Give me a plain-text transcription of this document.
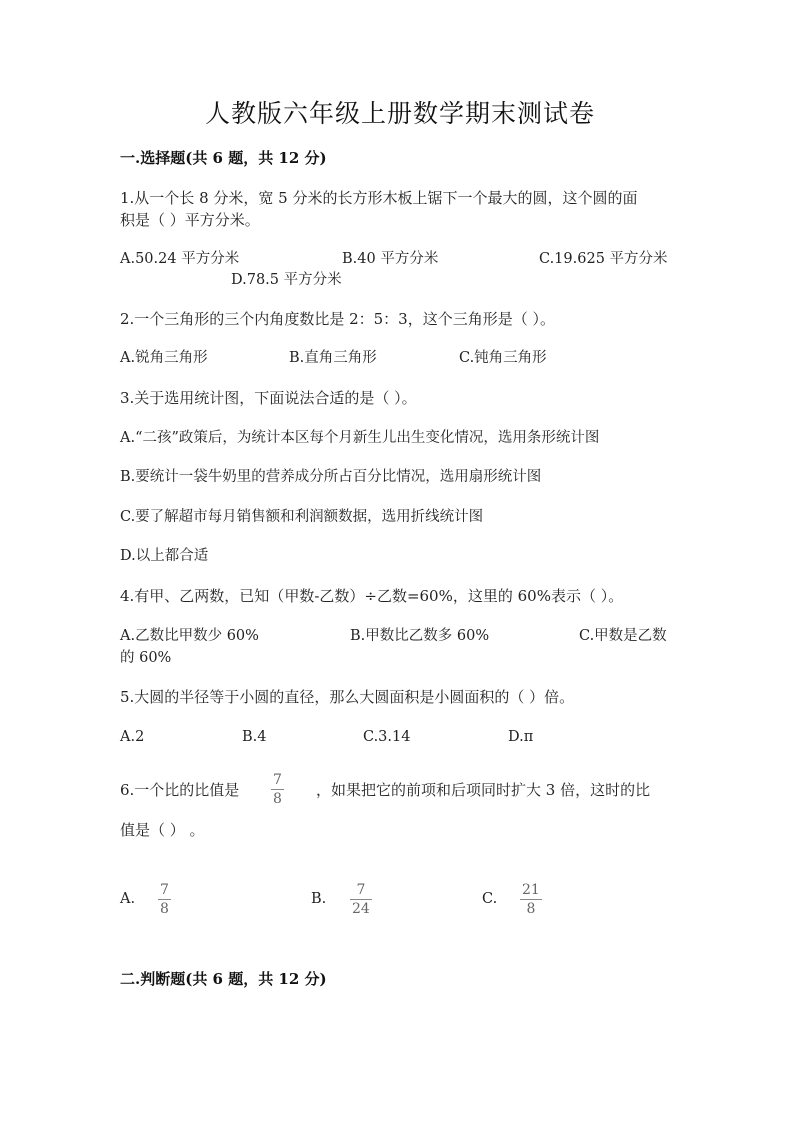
人教版六年级上册数学期末测试卷
一.选择题(共 6 题，共 12 分)
1.从一个长 8 分米，宽 5 分米的长方形木板上锯下一个最大的圆，这个圆的面
积是（ ）平方分米。
A.50.24 平方分米	B.40 平方分米	C.19.625 平方分米
D.78.5 平方分米
2.一个三角形的三个内角度数比是 2：5：3，这个三角形是（ ）。
A.锐角三角形	B.直角三角形	C.钝角三角形
3.关于选用统计图，下面说法合适的是（ ）。
A.“二孩”政策后，为统计本区每个月新生儿出生变化情况，选用条形统计图
B.要统计一袋牛奶里的营养成分所占百分比情况，选用扇形统计图
C.要了解超市每月销售额和利润额数据，选用折线统计图
D.以上都合适
4.有甲、乙两数，已知（甲数-乙数）÷乙数=60%，这里的 60%表示（ ）。
A.乙数比甲数少 60%	B.甲数比乙数多 60%	C.甲数是乙数
的 60%
5.大圆的半径等于小圆的直径，那么大圆面积是小圆面积的（ ）倍。
A.2	B.4	C.3.14	D.π
6.一个比的比值是
7
8 ，如果把它的前项和后项同时扩大 3 倍，这时的比
值是（ ） 。
A.
7
8
B.
7
24
C.
21
8
二.判断题(共 6 题，共 12 分)
